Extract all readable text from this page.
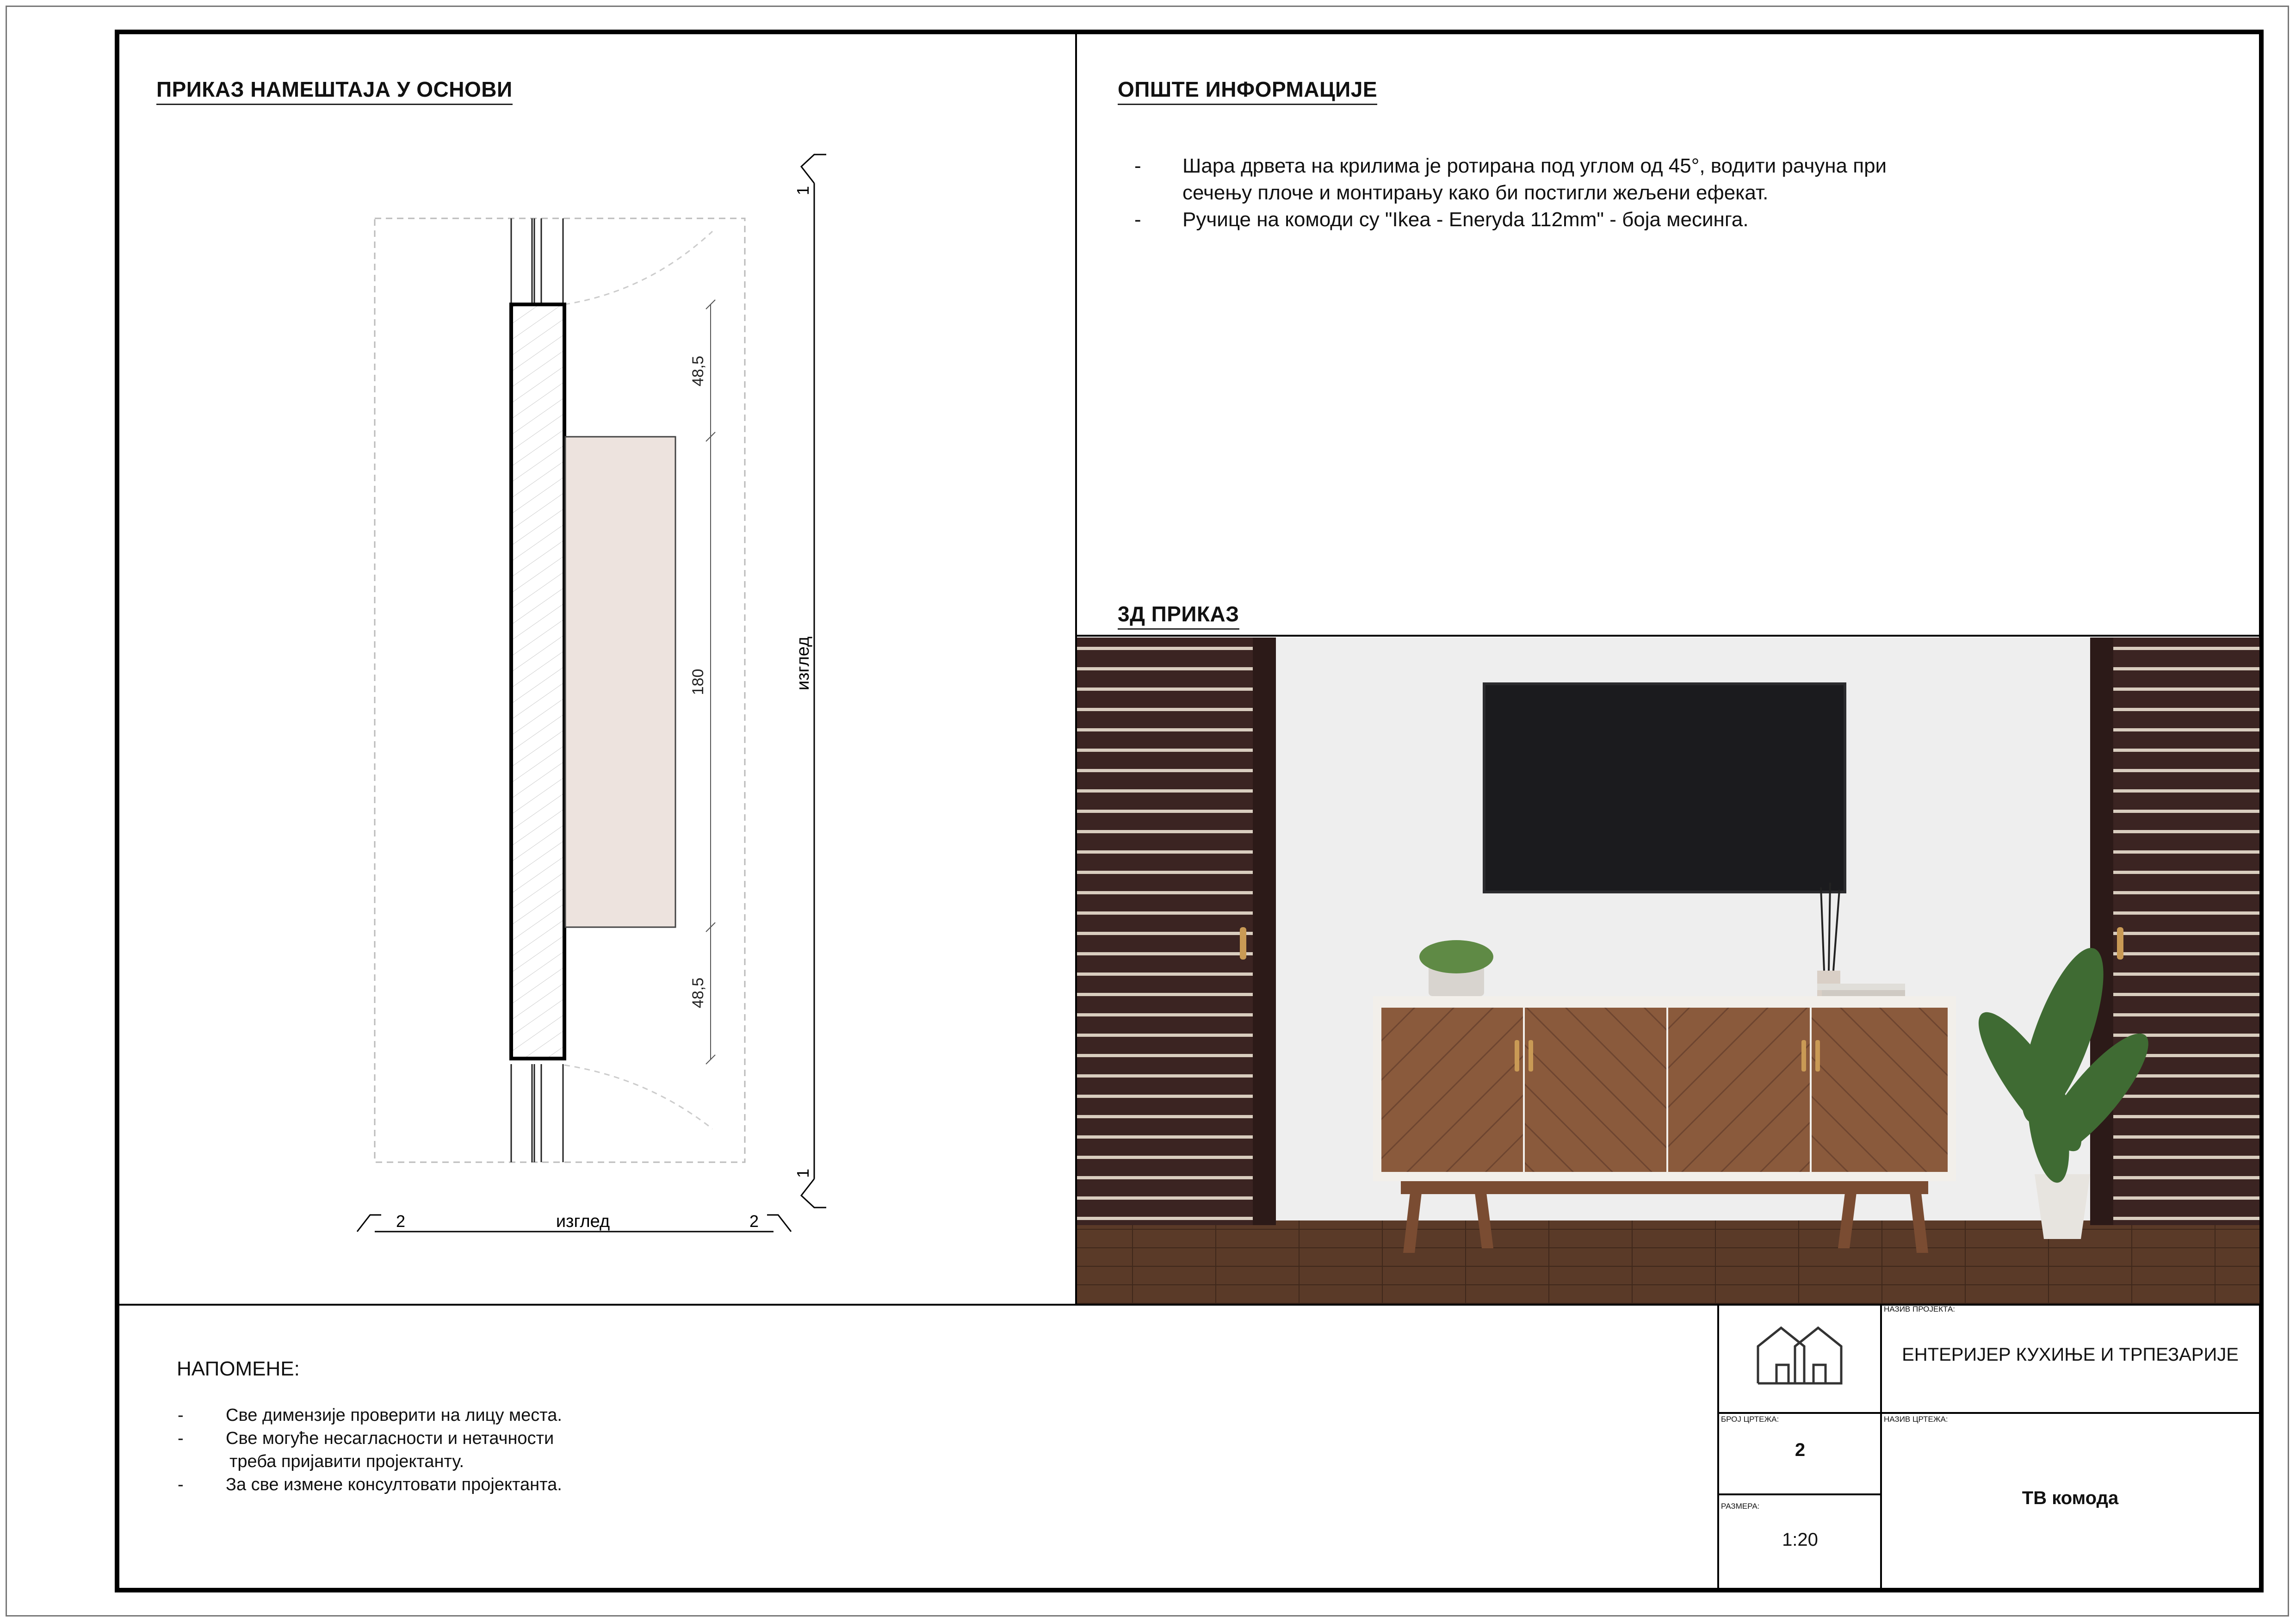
ПРИКАЗ НАМЕШТАЈА У ОСНОВИ
48,5
180
48,5
1
1
изглед
2	2
изглед
ОПШТЕ ИНФОРМАЦИЈЕ
- Шара дрвета на крилима је ротирана под углом од 45°, водити рачуна при
сечењу плоче и монтирању како би постигли жељени ефекат.
- Ручице на комоди су "Ikea - Eneryda 112mm" - боја месинга.
3Д ПРИКАЗ
НАПОМЕНЕ:
- Све димензије проверити на лицу места.
- Све могуће несагласности и нетачности
треба пријавити пројектанту.
- За све измене консултовати пројектанта.
НАЗИВ ПРОЈЕКТА:
ЕНТЕРИЈЕР КУХИЊЕ И ТРПЕЗАРИЈЕ
БРОЈ ЦРТЕЖА:
2
НАЗИВ ЦРТЕЖА:
ТВ комода
РАЗМЕРА:
1:20
